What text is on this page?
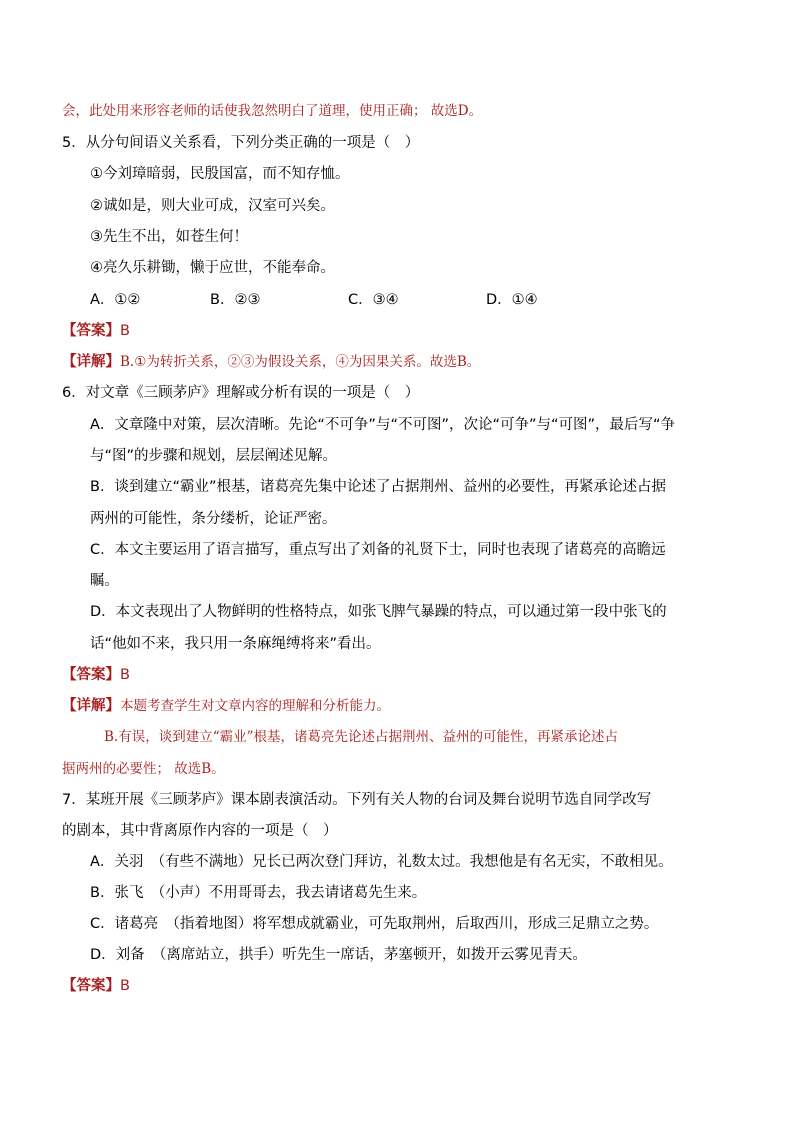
会，此处用来形容老师的话使我忽然明白了道理，使用正确； 故选D。
5．从分句间语义关系看，下列分类正确的一项是（　）
①今刘璋暗弱，民殷国富，而不知存恤。
②诚如是，则大业可成，汉室可兴矣。
③先生不出，如苍生何！
④亮久乐耕锄，懒于应世，不能奉命。
A．①②	B．②③	C．③④	D．①④
【答案】B
【详解】B.①为转折关系，②③为假设关系，④为因果关系。故选B。
6．对文章《三顾茅庐》理解或分析有误的一项是（　）
A．文章隆中对策，层次清晰。先论“不可争”与“不可图”，次论“可争”与“可图”，最后写“争
与“图”的步骤和规划，层层阐述见解。
B．谈到建立“霸业”根基，诸葛亮先集中论述了占据荆州、益州的必要性，再紧承论述占据
两州的可能性，条分缕析，论证严密。
C．本文主要运用了语言描写，重点写出了刘备的礼贤下士，同时也表现了诸葛亮的高瞻远
瞩。
D．本文表现出了人物鲜明的性格特点，如张飞脾气暴躁的特点，可以通过第一段中张飞的
话“他如不来，我只用一条麻绳缚将来”看出。
【答案】B
【详解】本题考查学生对文章内容的理解和分析能力。
B.有误，谈到建立“霸业”根基，诸葛亮先论述占据荆州、益州的可能性，再紧承论述占
据两州的必要性； 故选B。
7．某班开展《三顾茅庐》课本剧表演活动。下列有关人物的台词及舞台说明节选自同学改写
的剧本，其中背离原作内容的一项是（　）
A．关羽　（有些不满地）兄长已两次登门拜访，礼数太过。我想他是有名无实，不敢相见。
B．张飞　（小声）不用哥哥去，我去请诸葛先生来。
C．诸葛亮　（指着地图）将军想成就霸业，可先取荆州，后取西川，形成三足鼎立之势。
D．刘备　（离席站立，拱手）听先生一席话，茅塞顿开，如拨开云雾见青天。
【答案】B
